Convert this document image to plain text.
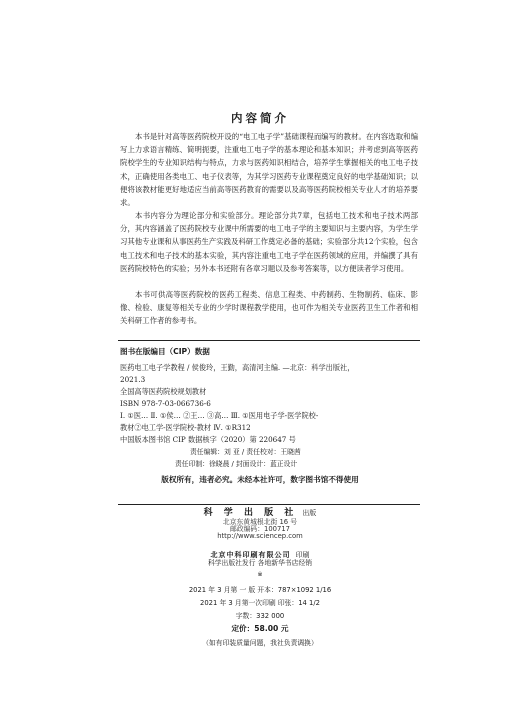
内容简介

本书是针对高等医药院校开设的“电工电子学”基础课程而编写的教材。在内容选取和编写上力求语言精练、简明扼要，注重电工电子学的基本理论和基本知识；并考虑到高等医药院校学生的专业知识结构与特点，力求与医药知识相结合，培养学生掌握相关的电工电子技术，正确使用各类电工、电子仪表等，为其学习医药专业课程奠定良好的电学基础知识；以便将该教材能更好地适应当前高等医药教育的需要以及高等医药院校相关专业人才的培养要求。

本书内容分为理论部分和实验部分。理论部分共7章，包括电工技术和电子技术两部分，其内容涵盖了医药院校专业课中所需要的电工电子学的主要知识与主要内容，为学生学习其他专业课和从事医药生产实践及科研工作奠定必备的基础；实验部分共12个实验，包含电工技术和电子技术的基本实验，其内容注重电工电子学在医药领域的应用，并编撰了具有医药院校特色的实验；另外本书还附有各章习题以及参考答案等，以方便读者学习使用。

本书可供高等医药院校的医药工程类、信息工程类、中药制药、生物制药、临床、影像、检验、康复等相关专业的少学时课程教学使用，也可作为相关专业医药卫生工作者和相关科研工作者的参考书。

图书在版编目（CIP）数据
医药电工电子学教程 / 侯俊玲，王勤，高清河主编. —北京：科学出版社，
2021.3
全国高等医药院校规划教材
ISBN 978-7-03-066736-6
Ⅰ. ①医… Ⅱ. ①侯… ②王… ③高… Ⅲ. ①医用电子学-医学院校-
教材②电工学-医学院校-教材 Ⅳ. ①R312
中国版本图书馆 CIP 数据核字（2020）第 220647 号
责任编辑：刘 亚 / 责任校对：王晓茜
版权所有，违者必究。未经本社许可，数字图书馆不得使用
责任印制：徐晓晨 / 封面设计：蓝正设计
科 学 出 版 社 出版
北京东黄城根北街 16 号
邮政编码：100717
http://www.sciencep.com
北京中科印刷有限公司 印刷
科学出版社发行 各地新华书店经销
※
2021 年 3 月第 一 版 开本：787×1092 1/16
2021 年 3 月第一次印刷 印张：14 1/2
字数：332 000
定价：58.00 元
（如有印装质量问题，我社负责调换）
